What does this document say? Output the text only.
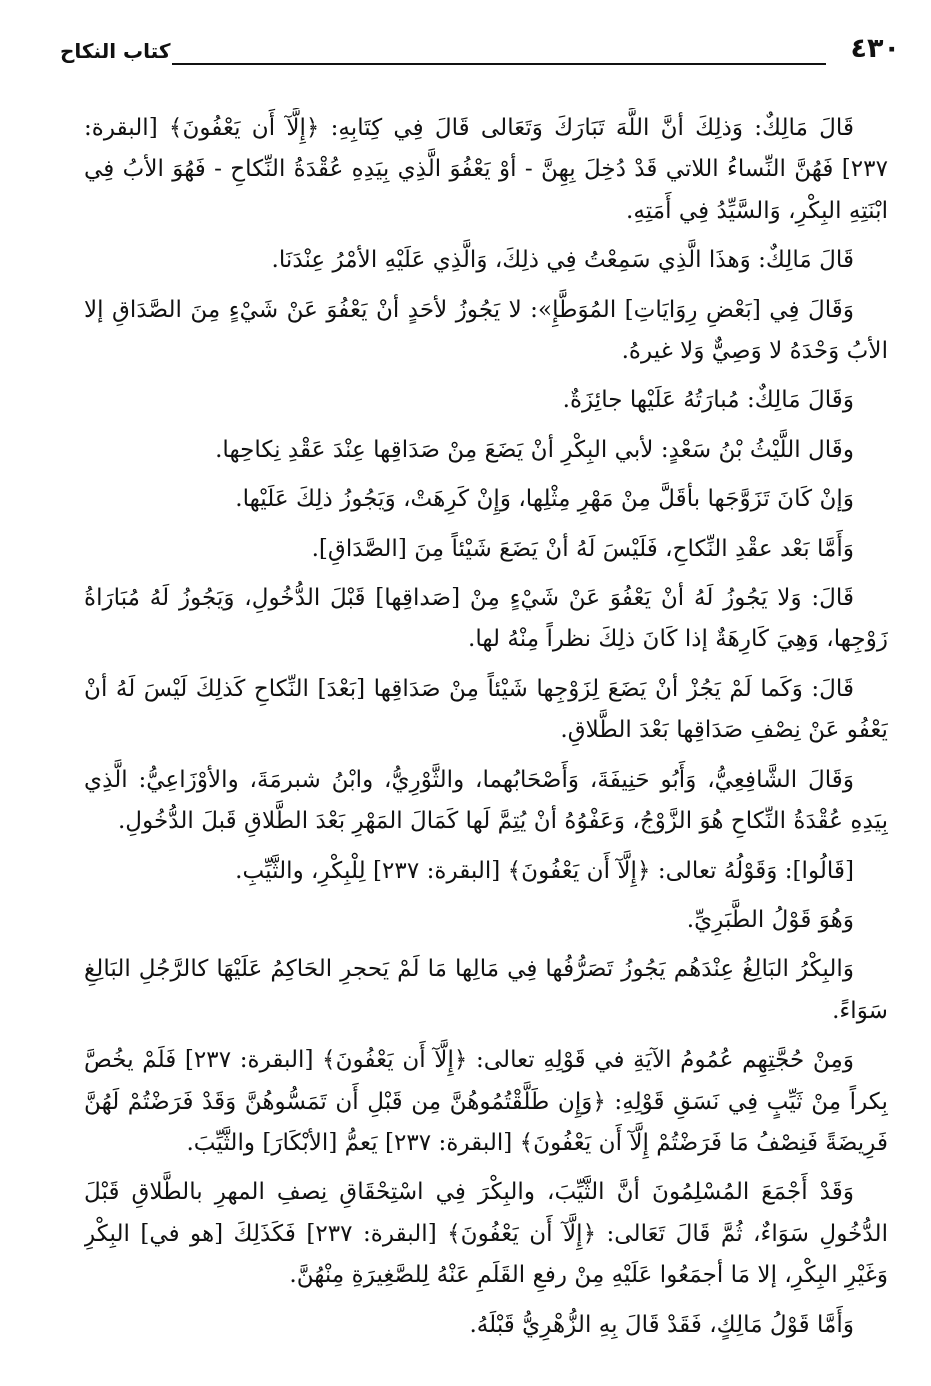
٤٣٠
كتاب النكاح

قَالَ مَالِكٌ: وَذلِكَ أنَّ اللَّهَ تَبَارَكَ وَتَعَالى قَالَ فِي كِتَابِهِ: ﴿إِلَّآ أَن يَعْفُونَ﴾ [البقرة: ٢٣٧] فَهُنَّ النِّساءُ اللاتي قَدْ دُخِلَ بِهِنَّ - أوْ يَعْفُوَ الَّذِي بِيَدِهِ عُقْدَةُ النِّكاحِ - فَهُوَ الأبُ فِي ابْنَتِهِ البِكْرِ، وَالسَّيِّدُ فِي أَمَتِهِ.

قَالَ مَالِكٌ: وَهذَا الَّذِي سَمِعْتُ فِي ذلِكَ، وَالَّذِي عَلَيْهِ الأمْرُ عِنْدَنَا.

وَقَالَ فِي [بَعْضِ رِوَايَاتِ] المُوَطَّإِ»: لا يَجُوزُ لأحَدٍ أنْ يَعْفُوَ عَنْ شَيْءٍ مِنَ الصَّدَاقِ إلا الأبُ وَحْدَهُ لا وَصِيٌّ وَلا غيرهُ.

وَقَالَ مَالِكٌ: مُبارَتُهُ عَلَيْها جائِزَةٌ.

وقَال اللَّيْثُ بْنُ سَعْدٍ: لأبي البِكْرِ أنْ يَضَعَ مِنْ صَدَاقِها عِنْدَ عَقْدِ نِكاحِها.

وَإنْ كَانَ تَزَوَّجَها بأقَلَّ مِنْ مَهْرِ مِثْلِها، وَإِنْ كَرِهَتْ، وَيَجُوزُ ذلِكَ عَلَيْها.

وَأَمَّا بَعْد عقْدِ النِّكاحِ، فَلَيْسَ لَهُ أنْ يَضَعَ شَيْئاً مِنَ [الصَّدَاقِ].

قَالَ: وَلا يَجُوزُ لَهُ أنْ يَعْفُوَ عَنْ شَيْءٍ مِنْ [صَداقِها] قَبْلَ الدُّخُولِ، وَيَجُوزُ لَهُ مُبَارَاةُ زَوْجِها، وَهِيَ كَارِهَةٌ إذا كَانَ ذلِكَ نظراً مِنْهُ لها.

قَالَ: وَكَما لَمْ يَجُزْ أنْ يَضَعَ لِزَوْجِها شَيْئاً مِنْ صَدَاقِها [بَعْدَ] النِّكاحِ كَذلِكَ لَيْسَ لَهُ أنْ يَعْفُو عَنْ نِصْفِ صَدَاقِها بَعْدَ الطَّلاقِ.

وَقَالَ الشَّافِعِيُّ، وَأَبُو حَنِيفَةَ، وَأَصْحَابُهما، والثَّوْرِيُّ، وابْنُ شبرمَةَ، والأوْزَاعِيُّ: الَّذِي بِيَدِهِ عُقْدَةُ النِّكاحِ هُوَ الزَّوْجُ، وَعَفْوُهُ أنْ يُتِمَّ لَها كَمَالَ المَهْرِ بَعْدَ الطَّلاقِ قَبلَ الدُّخُولِ.

[قَالُوا]: وَقَوْلُهُ تعالى: ﴿إِلَّآ أَن يَعْفُونَ﴾ [البقرة: ٢٣٧] لِلْبِكْرِ، والثَّيِّبِ.

وَهُوَ قَوْلُ الطَّبَرِيِّ.

وَالبِكْرُ البَالِغُ عِنْدَهُم يَجُوزُ تَصَرُّفُها فِي مَالِها مَا لَمْ يَحجرِ الحَاكِمُ عَلَيْهَا كالرَّجُلِ البَالِغِ سَوَاءً.

وَمِنْ حُجَّتِهِم عُمُومُ الآيَةِ في قَوْلِهِ تعالى: ﴿إِلَّآ أَن يَعْفُونَ﴾ [البقرة: ٢٣٧] فَلَمْ يخُصَّ بِكراً مِنْ ثَيِّبٍ فِي نَسَقِ قَوْلِهِ: ﴿وَإِن طَلَّقْتُمُوهُنَّ مِن قَبْلِ أَن تَمَسُّوهُنَّ وَقَدْ فَرَضْتُمْ لَهُنَّ فَرِيضَةً فَنِصْفُ مَا فَرَضْتُمْ إِلَّآ أَن يَعْفُونَ﴾ [البقرة: ٢٣٧] يَعمُّ [الأبْكَارَ] والثَّيِّبَ.

وَقَدْ أَجْمَعَ المُسْلِمُونَ أنَّ الثَّيِّبَ، والبِكْرَ فِي اسْتِحْقَاقِ نِصفِ المهرِ بالطَّلاقِ قَبْلَ الدُّخُولِ سَوَاءٌ، ثُمَّ قَالَ تَعَالى: ﴿إِلَّآ أَن يَعْفُونَ﴾ [البقرة: ٢٣٧] فَكَذَلِكَ [هو في] البِكْرِ وَغَيْرِ البِكْرِ، إلا مَا أجمَعُوا عَلَيْهِ مِنْ رفعِ القَلَمِ عَنْهُ لِلصَّغِيرَةِ مِنْهُنَّ.

وَأَمَّا قَوْلُ مَالِكٍ، فَقَدْ قَالَ بِهِ الزُّهْرِيُّ قَبْلَهُ.
